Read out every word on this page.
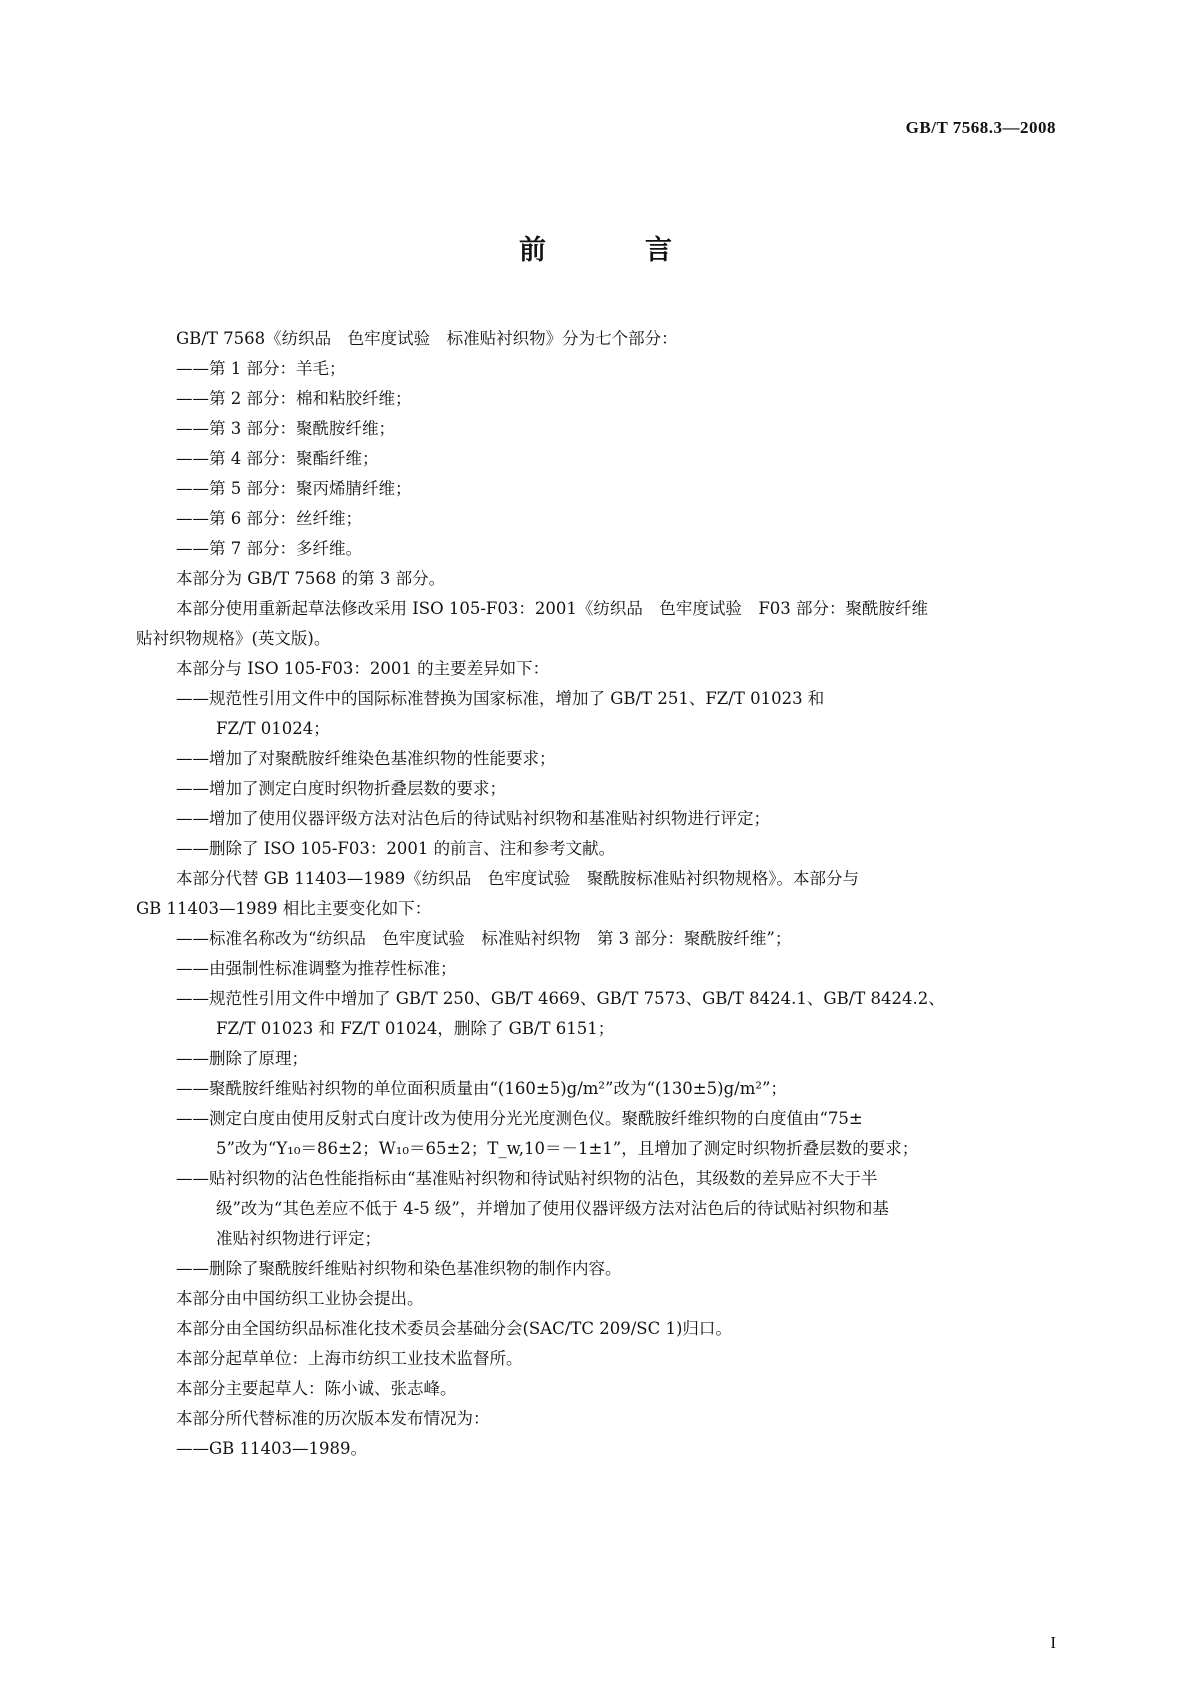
GB/T 7568.3—2008
前　言
GB/T 7568《纺织品　色牢度试验　标准贴衬织物》分为七个部分：
——第 1 部分：羊毛；
——第 2 部分：棉和粘胶纤维；
——第 3 部分：聚酰胺纤维；
——第 4 部分：聚酯纤维；
——第 5 部分：聚丙烯腈纤维；
——第 6 部分：丝纤维；
——第 7 部分：多纤维。
本部分为 GB/T 7568 的第 3 部分。
本部分使用重新起草法修改采用 ISO 105-F03：2001《纺织品　色牢度试验　F03 部分：聚酰胺纤维
贴衬织物规格》(英文版)。
本部分与 ISO 105-F03：2001 的主要差异如下：
——规范性引用文件中的国际标准替换为国家标准，增加了 GB/T 251、FZ/T 01023 和
FZ/T 01024；
——增加了对聚酰胺纤维染色基准织物的性能要求；
——增加了测定白度时织物折叠层数的要求；
——增加了使用仪器评级方法对沾色后的待试贴衬织物和基准贴衬织物进行评定；
——删除了 ISO 105-F03：2001 的前言、注和参考文献。
本部分代替 GB 11403—1989《纺织品　色牢度试验　聚酰胺标准贴衬织物规格》。本部分与
GB 11403—1989 相比主要变化如下：
——标准名称改为“纺织品　色牢度试验　标准贴衬织物　第 3 部分：聚酰胺纤维”；
——由强制性标准调整为推荐性标准；
——规范性引用文件中增加了 GB/T 250、GB/T 4669、GB/T 7573、GB/T 8424.1、GB/T 8424.2、
FZ/T 01023 和 FZ/T 01024，删除了 GB/T 6151；
——删除了原理；
——聚酰胺纤维贴衬织物的单位面积质量由“(160±5)g/m²”改为“(130±5)g/m²”；
——测定白度由使用反射式白度计改为使用分光光度测色仪。聚酰胺纤维织物的白度值由“75±
5”改为“Y₁₀＝86±2；W₁₀＝65±2；T_w,10＝－1±1”，且增加了测定时织物折叠层数的要求；
——贴衬织物的沾色性能指标由“基准贴衬织物和待试贴衬织物的沾色，其级数的差异应不大于半
级”改为“其色差应不低于 4-5 级”，并增加了使用仪器评级方法对沾色后的待试贴衬织物和基
准贴衬织物进行评定；
——删除了聚酰胺纤维贴衬织物和染色基准织物的制作内容。
本部分由中国纺织工业协会提出。
本部分由全国纺织品标准化技术委员会基础分会(SAC/TC 209/SC 1)归口。
本部分起草单位：上海市纺织工业技术监督所。
本部分主要起草人：陈小诚、张志峰。
本部分所代替标准的历次版本发布情况为：
——GB 11403—1989。
I
